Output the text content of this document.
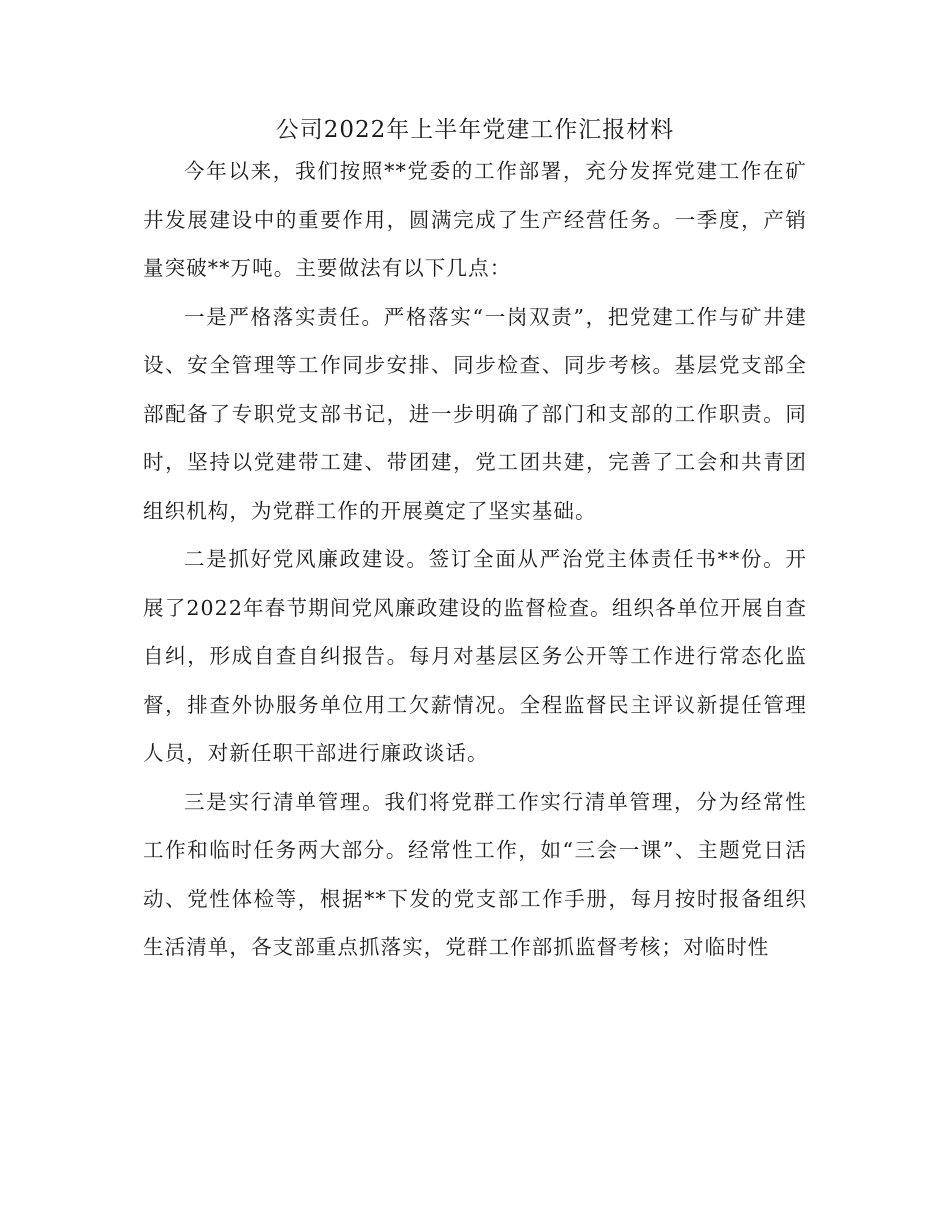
公司2022年上半年党建工作汇报材料

今年以来，我们按照**党委的工作部署，充分发挥党建工作在矿井发展建设中的重要作用，圆满完成了生产经营任务。一季度，产销量突破**万吨。主要做法有以下几点：

一是严格落实责任。严格落实“一岗双责”，把党建工作与矿井建设、安全管理等工作同步安排、同步检查、同步考核。基层党支部全部配备了专职党支部书记，进一步明确了部门和支部的工作职责。同时，坚持以党建带工建、带团建，党工团共建，完善了工会和共青团组织机构，为党群工作的开展奠定了坚实基础。

二是抓好党风廉政建设。签订全面从严治党主体责任书**份。开展了2022年春节期间党风廉政建设的监督检查。组织各单位开展自查自纠，形成自查自纠报告。每月对基层区务公开等工作进行常态化监督，排查外协服务单位用工欠薪情况。全程监督民主评议新提任管理人员，对新任职干部进行廉政谈话。

三是实行清单管理。我们将党群工作实行清单管理，分为经常性工作和临时任务两大部分。经常性工作，如“三会一课”、主题党日活动、党性体检等，根据**下发的党支部工作手册，每月按时报备组织生活清单，各支部重点抓落实，党群工作部抓监督考核；对临时性
